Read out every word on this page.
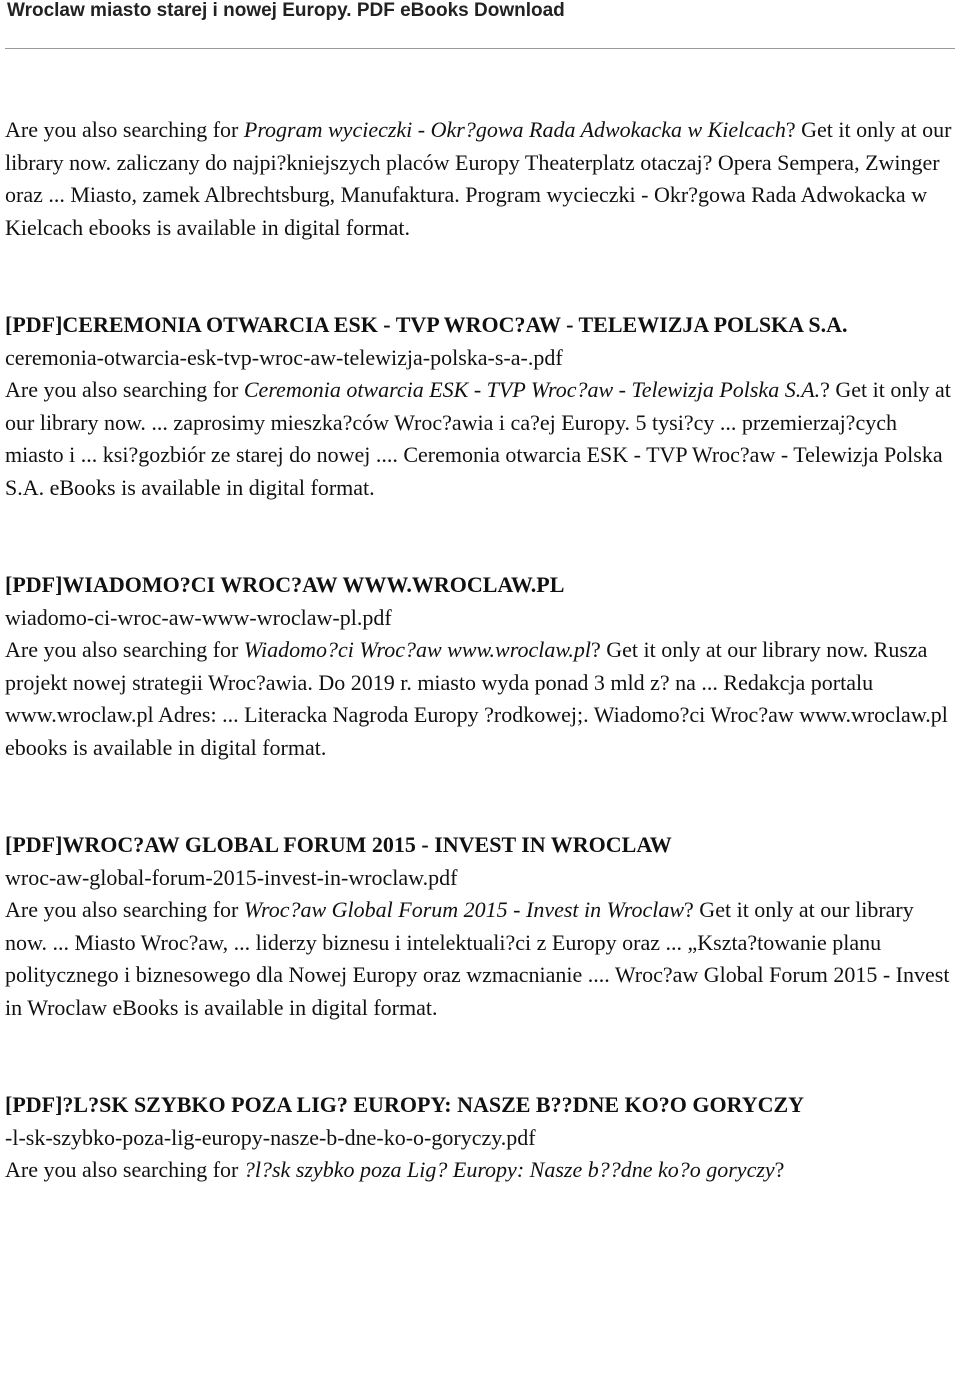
Wroclaw miasto starej i nowej Europy. PDF eBooks Download

Are you also searching for Program wycieczki - Okr?gowa Rada Adwokacka w Kielcach? Get it only at our library now. zaliczany do najpi?kniejszych placów Europy Theaterplatz otaczaj? Opera Sempera, Zwinger oraz ... Miasto, zamek Albrechtsburg, Manufaktura. Program wycieczki - Okr?gowa Rada Adwokacka w Kielcach ebooks is available in digital format.

[PDF]CEREMONIA OTWARCIA ESK - TVP WROC?AW - TELEWIZJA POLSKA S.A.

ceremonia-otwarcia-esk-tvp-wroc-aw-telewizja-polska-s-a-.pdf

Are you also searching for Ceremonia otwarcia ESK - TVP Wroc?aw - Telewizja Polska S.A.? Get it only at our library now. ... zaprosimy mieszka?ców Wroc?awia i ca?ej Europy. 5 tysi?cy ... przemierzaj?cych miasto i ... ksi?gozbiór ze starej do nowej .... Ceremonia otwarcia ESK - TVP Wroc?aw - Telewizja Polska S.A. eBooks is available in digital format.

[PDF]WIADOMO?CI WROC?AW WWW.WROCLAW.PL

wiadomo-ci-wroc-aw-www-wroclaw-pl.pdf

Are you also searching for Wiadomo?ci Wroc?aw www.wroclaw.pl? Get it only at our library now. Rusza projekt nowej strategii Wroc?awia. Do 2019 r. miasto wyda ponad 3 mld z? na ... Redakcja portalu www.wroclaw.pl Adres: ... Literacka Nagroda Europy ?rodkowej;. Wiadomo?ci Wroc?aw www.wroclaw.pl ebooks is available in digital format.

[PDF]WROC?AW GLOBAL FORUM 2015 - INVEST IN WROCLAW

wroc-aw-global-forum-2015-invest-in-wroclaw.pdf

Are you also searching for Wroc?aw Global Forum 2015 - Invest in Wroclaw? Get it only at our library now. ... Miasto Wroc?aw, ... liderzy biznesu i intelektuali?ci z Europy oraz ... „Kszta?towanie planu politycznego i biznesowego dla Nowej Europy oraz wzmacnianie .... Wroc?aw Global Forum 2015 - Invest in Wroclaw eBooks is available in digital format.

[PDF]?L?SK SZYBKO POZA LIG? EUROPY: NASZE B??DNE KO?O GORYCZY

-l-sk-szybko-poza-lig-europy-nasze-b-dne-ko-o-goryczy.pdf

Are you also searching for ?l?sk szybko poza Lig? Europy: Nasze b??dne ko?o goryczy?
